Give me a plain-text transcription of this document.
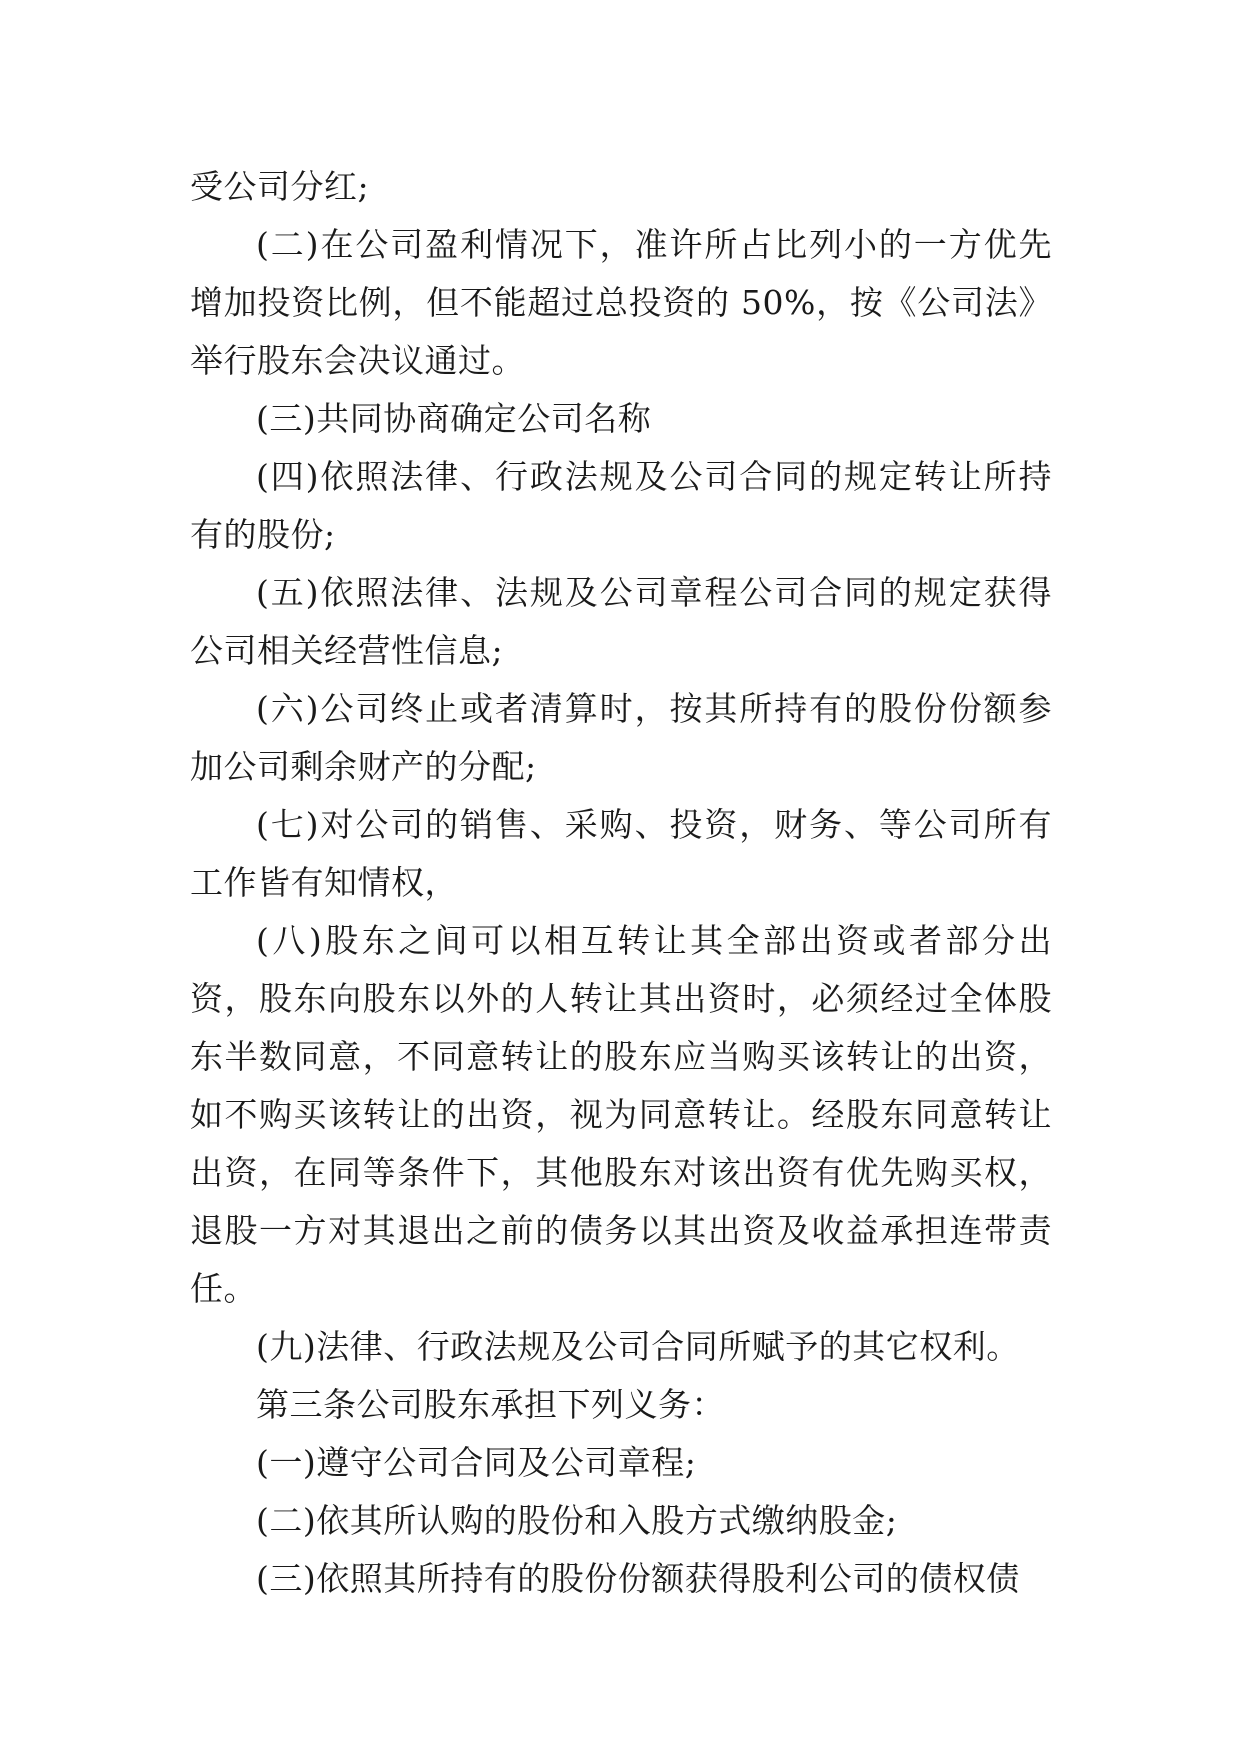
受公司分红;

(二)在公司盈利情况下，准许所占比列小的一方优先增加投资比例，但不能超过总投资的 50%，按《公司法》举行股东会决议通过。

(三)共同协商确定公司名称

(四)依照法律、行政法规及公司合同的规定转让所持有的股份;

(五)依照法律、法规及公司章程公司合同的规定获得公司相关经营性信息;

(六)公司终止或者清算时，按其所持有的股份份额参加公司剩余财产的分配;

(七)对公司的销售、采购、投资，财务、等公司所有工作皆有知情权，

(八)股东之间可以相互转让其全部出资或者部分出资，股东向股东以外的人转让其出资时，必须经过全体股东半数同意，不同意转让的股东应当购买该转让的出资，如不购买该转让的出资，视为同意转让。经股东同意转让出资，在同等条件下，其他股东对该出资有优先购买权，退股一方对其退出之前的债务以其出资及收益承担连带责任。

(九)法律、行政法规及公司合同所赋予的其它权利。

第三条公司股东承担下列义务：

(一)遵守公司合同及公司章程;

(二)依其所认购的股份和入股方式缴纳股金;

(三)依照其所持有的股份份额获得股利公司的债权债
